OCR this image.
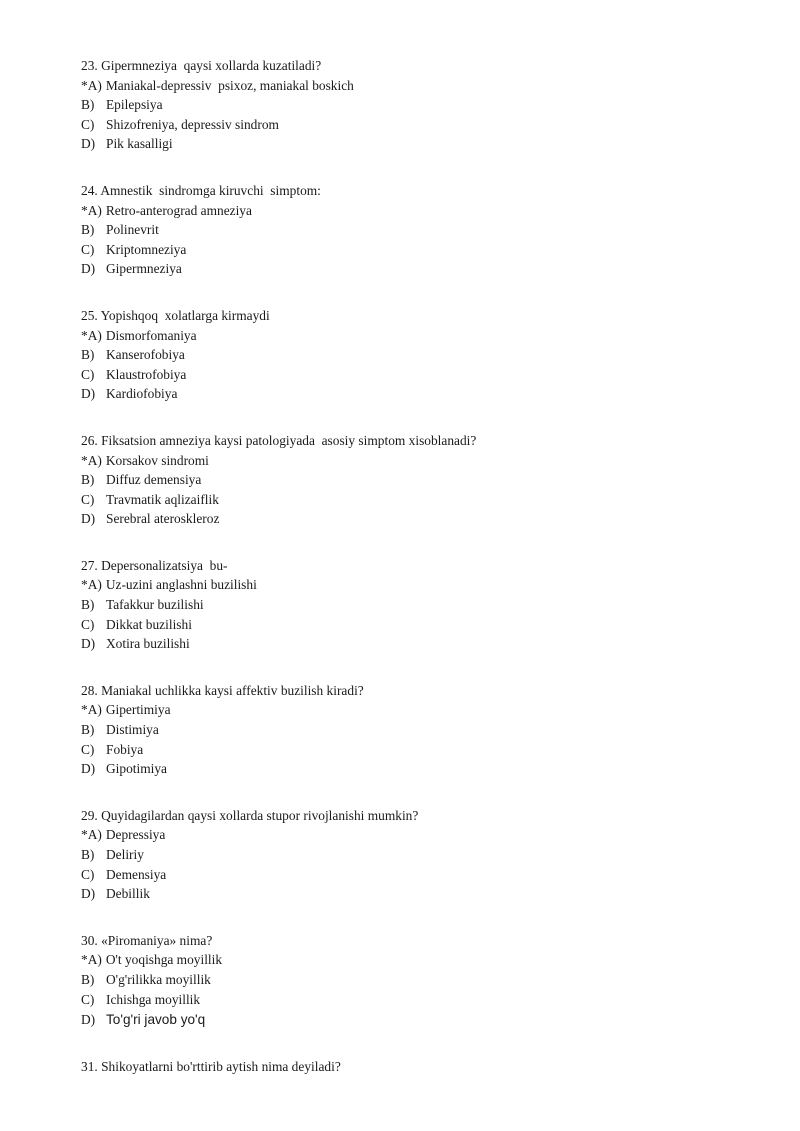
23. Gipermneziya  qaysi xollarda kuzatiladi?
*A) Maniakal-depressiv  psixoz, maniakal boskich
B) Epilepsiya
C) Shizofreniya, depressiv sindrom
D) Pik kasalligi
24. Amnestik  sindromga kiruvchi  simptom:
*A) Retro-anterograd amneziya
B) Polinevrit
C) Kriptomneziya
D) Gipermneziya
25. Yopishqoq  xolatlarga kirmaydi
*A) Dismorfomaniya
B) Kanserofobiya
C) Klaustrofobiya
D) Kardiofobiya
26. Fiksatsion amneziya kaysi patologiyada  asosiy simptom xisoblanadi?
*A) Korsakov sindromi
B) Diffuz demensiya
C) Travmatik aqlizaiflik
D) Serebral ateroskleroz
27. Depersonalizatsiya  bu-
*A) Uz-uzini anglashni buzilishi
B) Tafakkur buzilishi
C) Dikkat buzilishi
D) Xotira buzilishi
28. Maniakal uchlikka kaysi affektiv buzilish kiradi?
*A) Gipertimiya
B) Distimiya
C) Fobiya
D) Gipotimiya
29. Quyidagilardan qaysi xollarda stupor rivojlanishi mumkin?
*A) Depressiya
B) Deliriy
C) Demensiya
D) Debillik
30. «Piromaniya» nima?
*A) O't yoqishga moyillik
B) O'g'rilikka moyillik
C) Ichishga moyillik
D) To'g'ri javob yo'q
31. Shikoyatlarni bo'rttirib aytish nima deyiladi?
